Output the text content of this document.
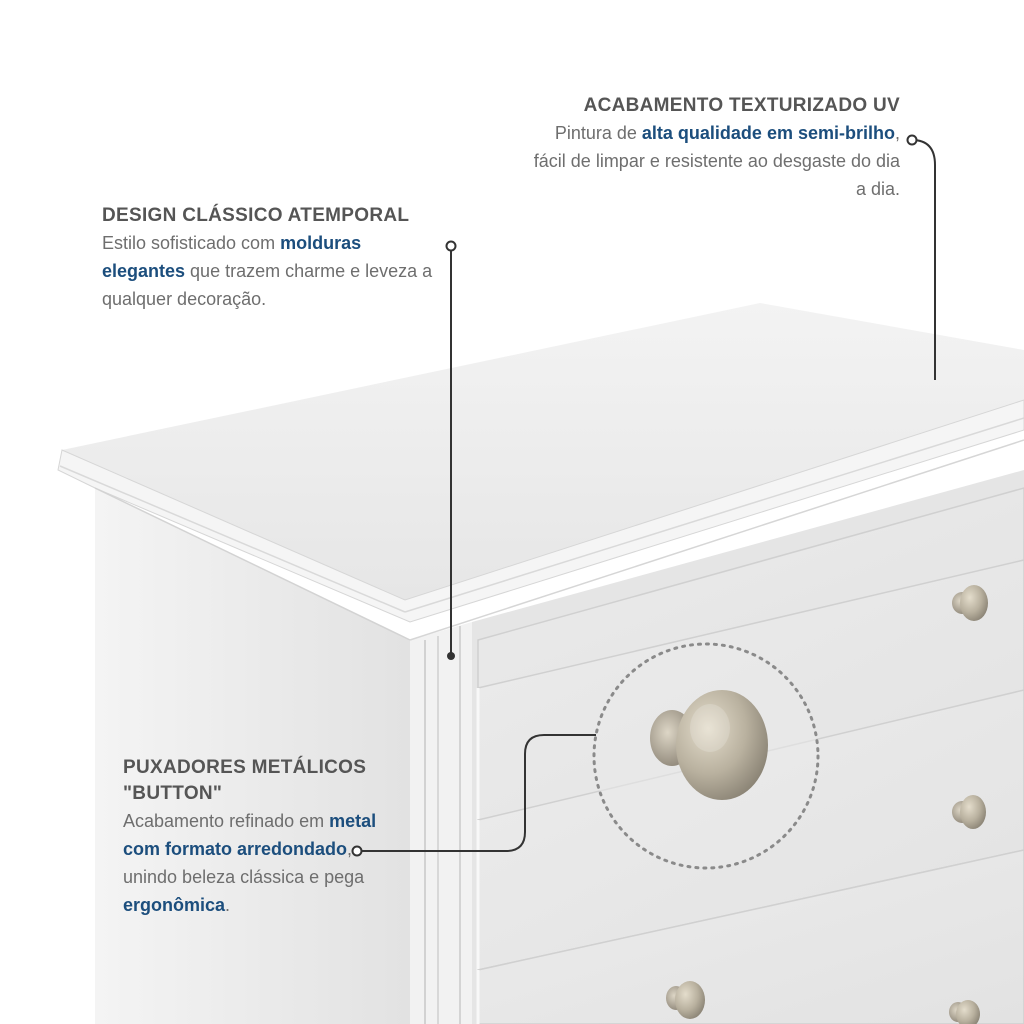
ACABAMENTO TEXTURIZADO UV
Pintura de alta qualidade em semi-brilho, fácil de limpar e resistente ao desgaste do dia a dia.
DESIGN CLÁSSICO ATEMPORAL
Estilo sofisticado com molduras elegantes que trazem charme e leveza a qualquer decoração.
PUXADORES METÁLICOS
"BUTTON"
Acabamento refinado em metal com formato arredondado, unindo beleza clássica e pega ergonômica.
